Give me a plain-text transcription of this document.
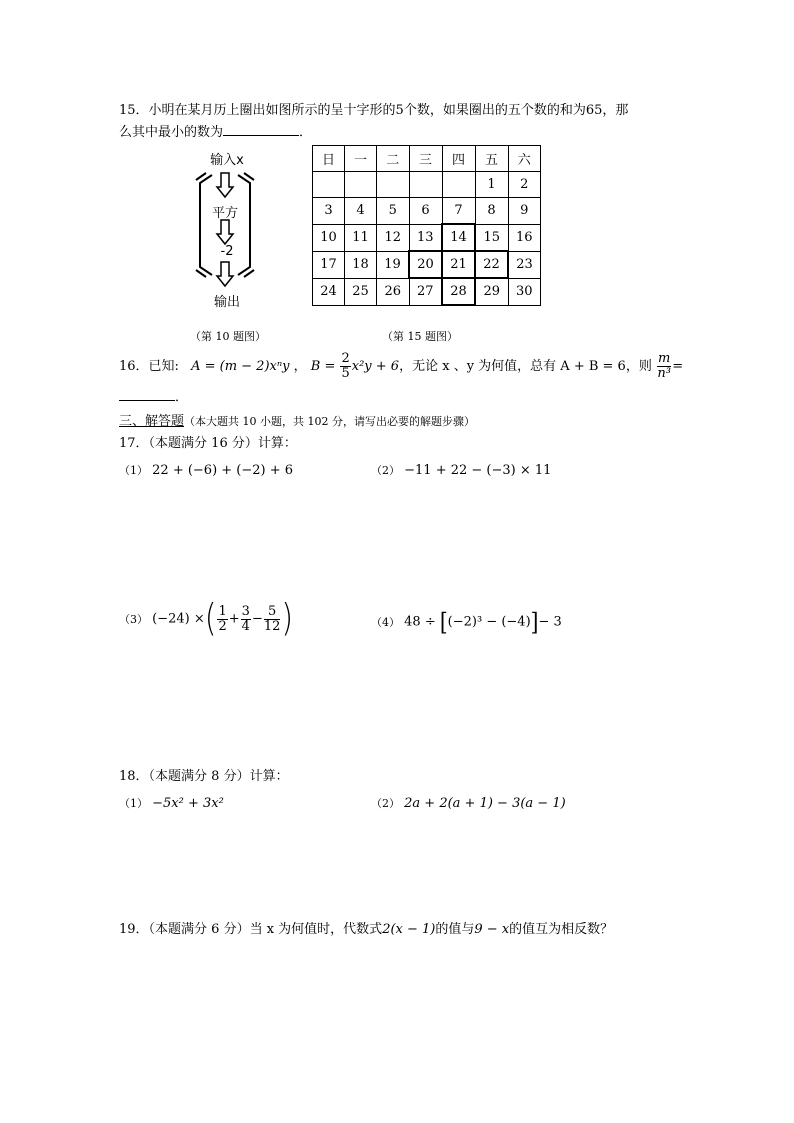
15．小明在某月历上圈出如图所示的呈十字形的5个数，如果圈出的五个数的和为65，那
么其中最小的数为	．
输入x
平方
-2
输出
日	一	二	三	四	五	六
					1	2
3	4	5	6	7	8	9
10	11	12	13	14	15	16
17	18	19	20	21	22	23
24	25	26	27	28	29	30
（第 10 题图）	（第 15 题图）
16．已知: A = (m − 2)xⁿy ， $B = \frac{2}{5} x^2y + 6$，无论 x 、y 为何值，总有 A + B = 6，则 $\frac{m}{\text{n³}}$ =
．
三、解答题（本大题共 10 小题，共 102 分，请写出必要的解题步骤）
17．（本题满分 16 分）计算：
（1） 22 + (−6) + (−2) + 6	（2） −11 + 22 − (−3) × 11
（3） (−24) ×( $\frac{1}{2} + \frac{3}{4} - \frac{5}{12}$ )	（4） 48 ÷ [(−2)³ − (−4)]− 3
18．（本题满分 8 分）计算：
（1） −5x² + 3x²	（2） 2a + 2(a + 1) − 3(a − 1)
19．（本题满分 6 分）当 x 为何值时，代数式2(x − 1)的值与9 − x的值互为相反数？
